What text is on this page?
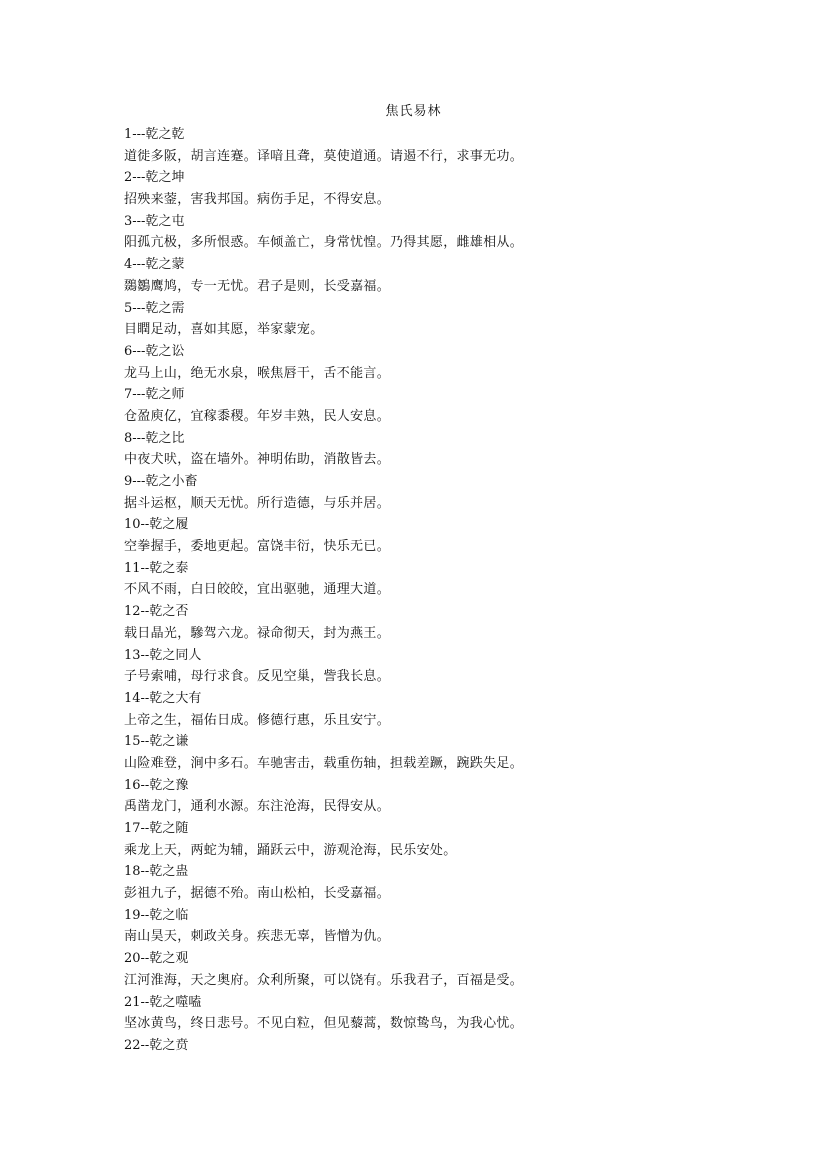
焦氏易林
1---乾之乾
道徙多阪，胡言连蹇。译喑且聋，莫使道通。请遏不行，求事无功。
2---乾之坤
招殃来蓥，害我邦国。病伤手足，不得安息。
3---乾之屯
阳孤亢极，多所恨惑。车倾盖亡，身常忧惶。乃得其愿，雌雄相从。
4---乾之蒙
鵽鶵鹰鸠，专一无忧。君子是则，长受嘉福。
5---乾之需
目瞤足动，喜如其愿，举家蒙宠。
6---乾之讼
龙马上山，绝无水泉，喉焦唇干，舌不能言。
7---乾之师
仓盈庾亿，宜稼黍稷。年岁丰熟，民人安息。
8---乾之比
中夜犬吠，盗在墙外。神明佑助，消散皆去。
9---乾之小畜
据斗运枢，顺天无忧。所行造德，与乐并居。
10--乾之履
空拳握手，委地更起。富饶丰衍，快乐无已。
11--乾之泰
不风不雨，白日皎皎，宜出驱驰，通理大道。
12--乾之否
载日晶光，驂驾六龙。禄命彻天，封为燕王。
13--乾之同人
子号索哺，母行求食。反见空巢，訾我长息。
14--乾之大有
上帝之生，福佑日成。修德行惠，乐且安宁。
15--乾之谦
山险难登，涧中多石。车驰害击，载重伤轴，担载差蹶，踠跌失足。
16--乾之豫
禹凿龙门，通利水源。东注沧海，民得安从。
17--乾之随
乘龙上天，两蛇为辅，踊跃云中，游观沧海，民乐安处。
18--乾之蛊
彭祖九子，据德不殆。南山松柏，长受嘉福。
19--乾之临
南山昊天，刺政关身。疾悲无辜，皆憎为仇。
20--乾之观
江河淮海，天之奥府。众利所聚，可以饶有。乐我君子，百福是受。
21--乾之噬嗑
坚冰黄鸟，终日悲号。不见白粒，但见藜蒿，数惊鸷鸟，为我心忧。
22--乾之贲
